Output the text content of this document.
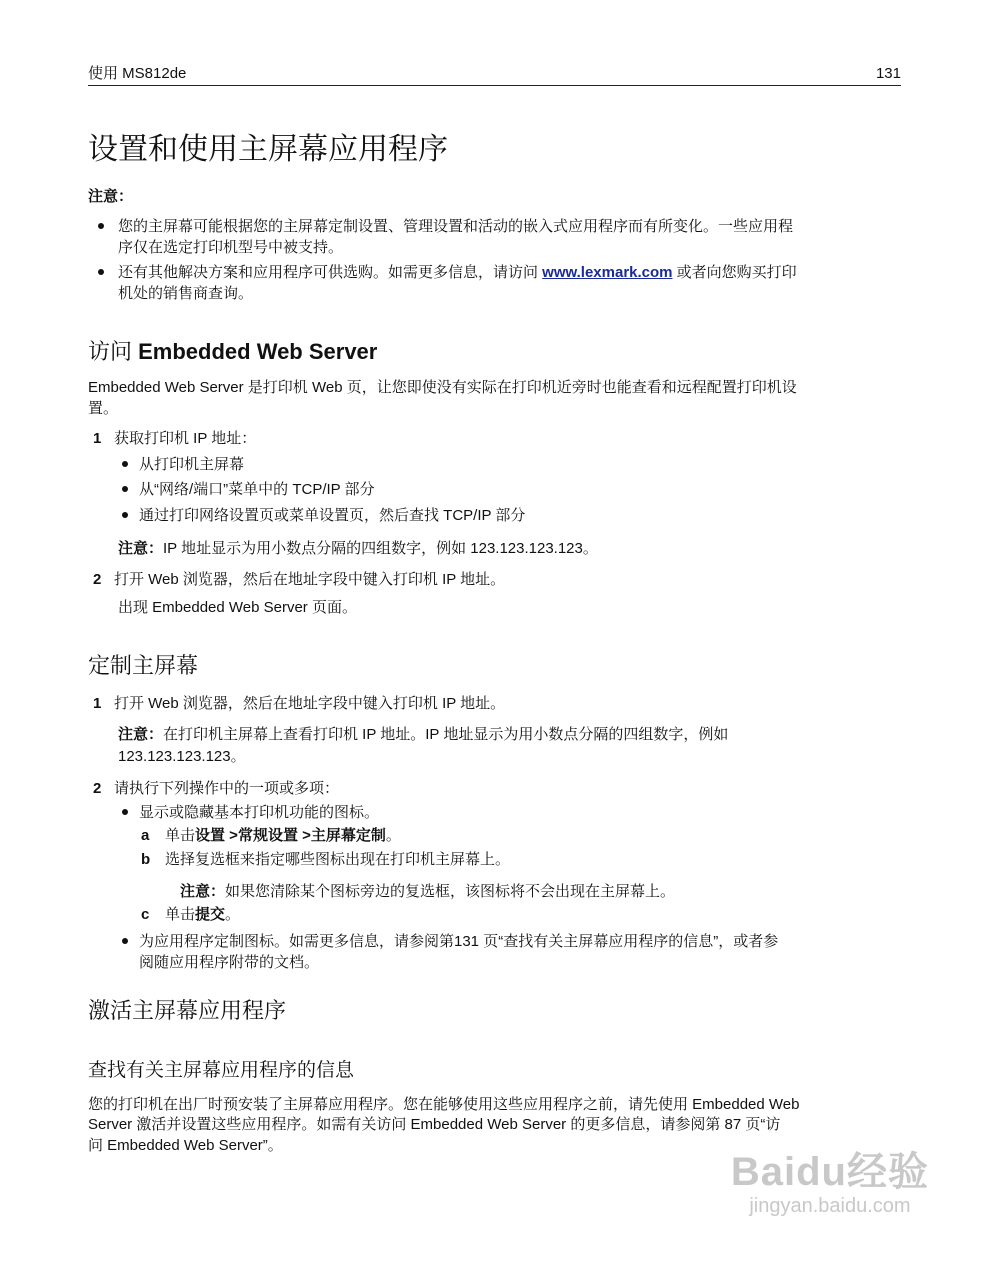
使用 MS812de	131
设置和使用主屏幕应用程序
注意：
您的主屏幕可能根据您的主屏幕定制设置、管理设置和活动的嵌入式应用程序而有所变化。一些应用程
序仅在选定打印机型号中被支持。
还有其他解决方案和应用程序可供选购。如需更多信息，请访问 www.lexmark.com 或者向您购买打印
机处的销售商查询。
访问 Embedded Web Server
Embedded Web Server 是打印机 Web 页，让您即使没有实际在打印机近旁时也能查看和远程配置打印机设
置。
1 获取打印机 IP 地址：
从打印机主屏幕
从“网络/端口”菜单中的 TCP/IP 部分
通过打印网络设置页或菜单设置页，然后查找 TCP/IP 部分
注意：IP 地址显示为用小数点分隔的四组数字，例如 123.123.123.123。
2 打开 Web 浏览器，然后在地址字段中键入打印机 IP 地址。
出现 Embedded Web Server 页面。
定制主屏幕
1 打开 Web 浏览器，然后在地址字段中键入打印机 IP 地址。
注意：在打印机主屏幕上查看打印机 IP 地址。IP 地址显示为用小数点分隔的四组数字，例如
123.123.123.123。
2 请执行下列操作中的一项或多项：
显示或隐藏基本打印机功能的图标。
a 单击设置 >常规设置 >主屏幕定制。
b 选择复选框来指定哪些图标出现在打印机主屏幕上。
注意：如果您清除某个图标旁边的复选框，该图标将不会出现在主屏幕上。
c 单击提交。
为应用程序定制图标。如需更多信息，请参阅第131 页“查找有关主屏幕应用程序的信息”，或者参
阅随应用程序附带的文档。
激活主屏幕应用程序
查找有关主屏幕应用程序的信息
您的打印机在出厂时预安装了主屏幕应用程序。您在能够使用这些应用程序之前，请先使用 Embedded Web
Server 激活并设置这些应用程序。如需有关访问 Embedded Web Server 的更多信息，请参阅第 87 页“访
问 Embedded Web Server”。
Baidu经验
jingyan.baidu.com
